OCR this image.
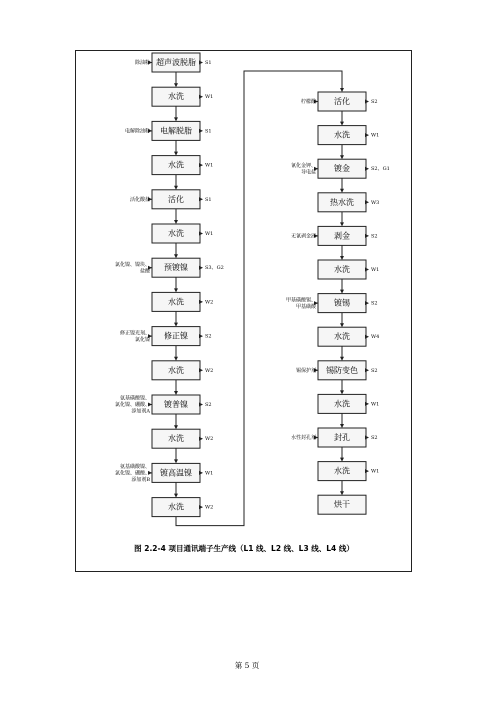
超声波脱脂
除油粉	S1
水洗	W1
电解脱脂
电解除油粉	S1
水洗	W1
活化
活化酸盐	S1
水洗	W1
预镀镍
氯化镍、镍块、
盐酸
S3、G2
水洗	W2
修正镍
修正镍光剂、
氯化镍
S2
水洗	W2
镀普镍
氨基磺酸镍、
氯化镍、硼酸、
添加剂A
S2
水洗	W2
镀高温镍
氨基磺酸镍、
氯化镍、硼酸、
添加剂B
W1
水洗	W2
活化
柠檬酸	S2
水洗	W1
镀金
氰化金钾、
导电盐
S2、G1
热水洗	W3
剥金
无氰剥金液	S2
水洗	W1
镀锡
甲基磺酸锡、
甲基磺酸
S2
水洗	W4
锡防变色
锡保护剂	S2
水洗	W1
封孔
水性封孔剂	S2
水洗	W1
烘干
图 2.2-4 项目通讯端子生产线（L1 线、L2 线、L3 线、L4 线）
第 5 页
